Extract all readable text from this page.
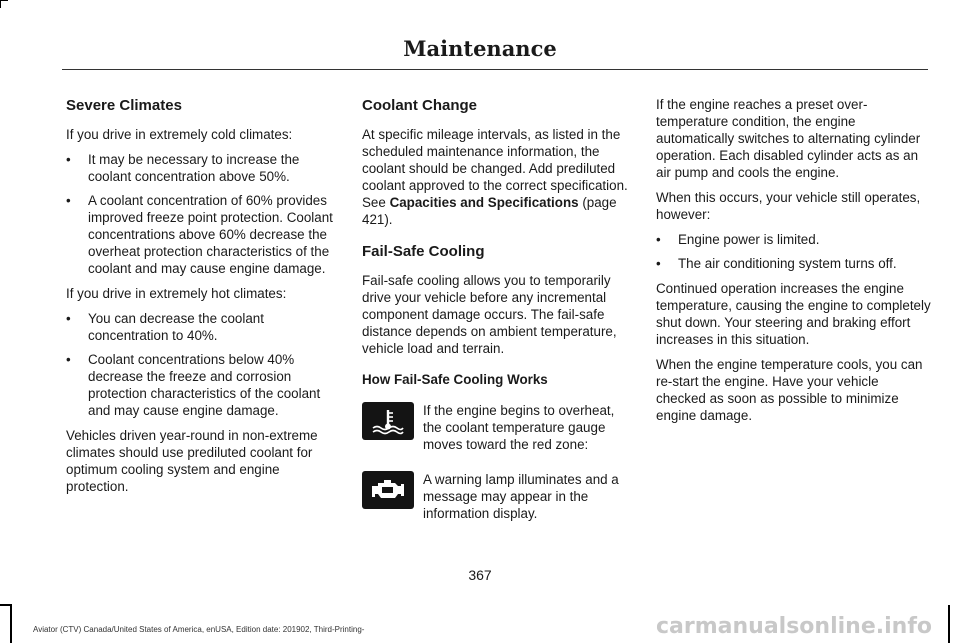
Maintenance
Severe Climates

If you drive in extremely cold climates:

• It may be necessary to increase the coolant concentration above 50%.
• A coolant concentration of 60% provides improved freeze point protection. Coolant concentrations above 60% decrease the overheat protection characteristics of the coolant and may cause engine damage.

If you drive in extremely hot climates:

• You can decrease the coolant concentration to 40%.
• Coolant concentrations below 40% decrease the freeze and corrosion protection characteristics of the coolant and may cause engine damage.

Vehicles driven year-round in non-extreme climates should use prediluted coolant for optimum cooling system and engine protection.

Coolant Change

At specific mileage intervals, as listed in the scheduled maintenance information, the coolant should be changed. Add prediluted coolant approved to the correct specification. See Capacities and Specifications (page 421).

Fail-Safe Cooling

Fail-safe cooling allows you to temporarily drive your vehicle before any incremental component damage occurs. The fail-safe distance depends on ambient temperature, vehicle load and terrain.

How Fail-Safe Cooling Works
If the engine begins to overheat, the coolant temperature gauge moves toward the red zone:
A warning lamp illuminates and a message may appear in the information display.

If the engine reaches a preset over-temperature condition, the engine automatically switches to alternating cylinder operation. Each disabled cylinder acts as an air pump and cools the engine.

When this occurs, your vehicle still operates, however:

• Engine power is limited.
• The air conditioning system turns off.

Continued operation increases the engine temperature, causing the engine to completely shut down. Your steering and braking effort increases in this situation.

When the engine temperature cools, you can re-start the engine. Have your vehicle checked as soon as possible to minimize engine damage.

367
Aviator (CTV) Canada/United States of America, enUSA, Edition date: 201902, Third-Printing-	carmanualsonline.info
